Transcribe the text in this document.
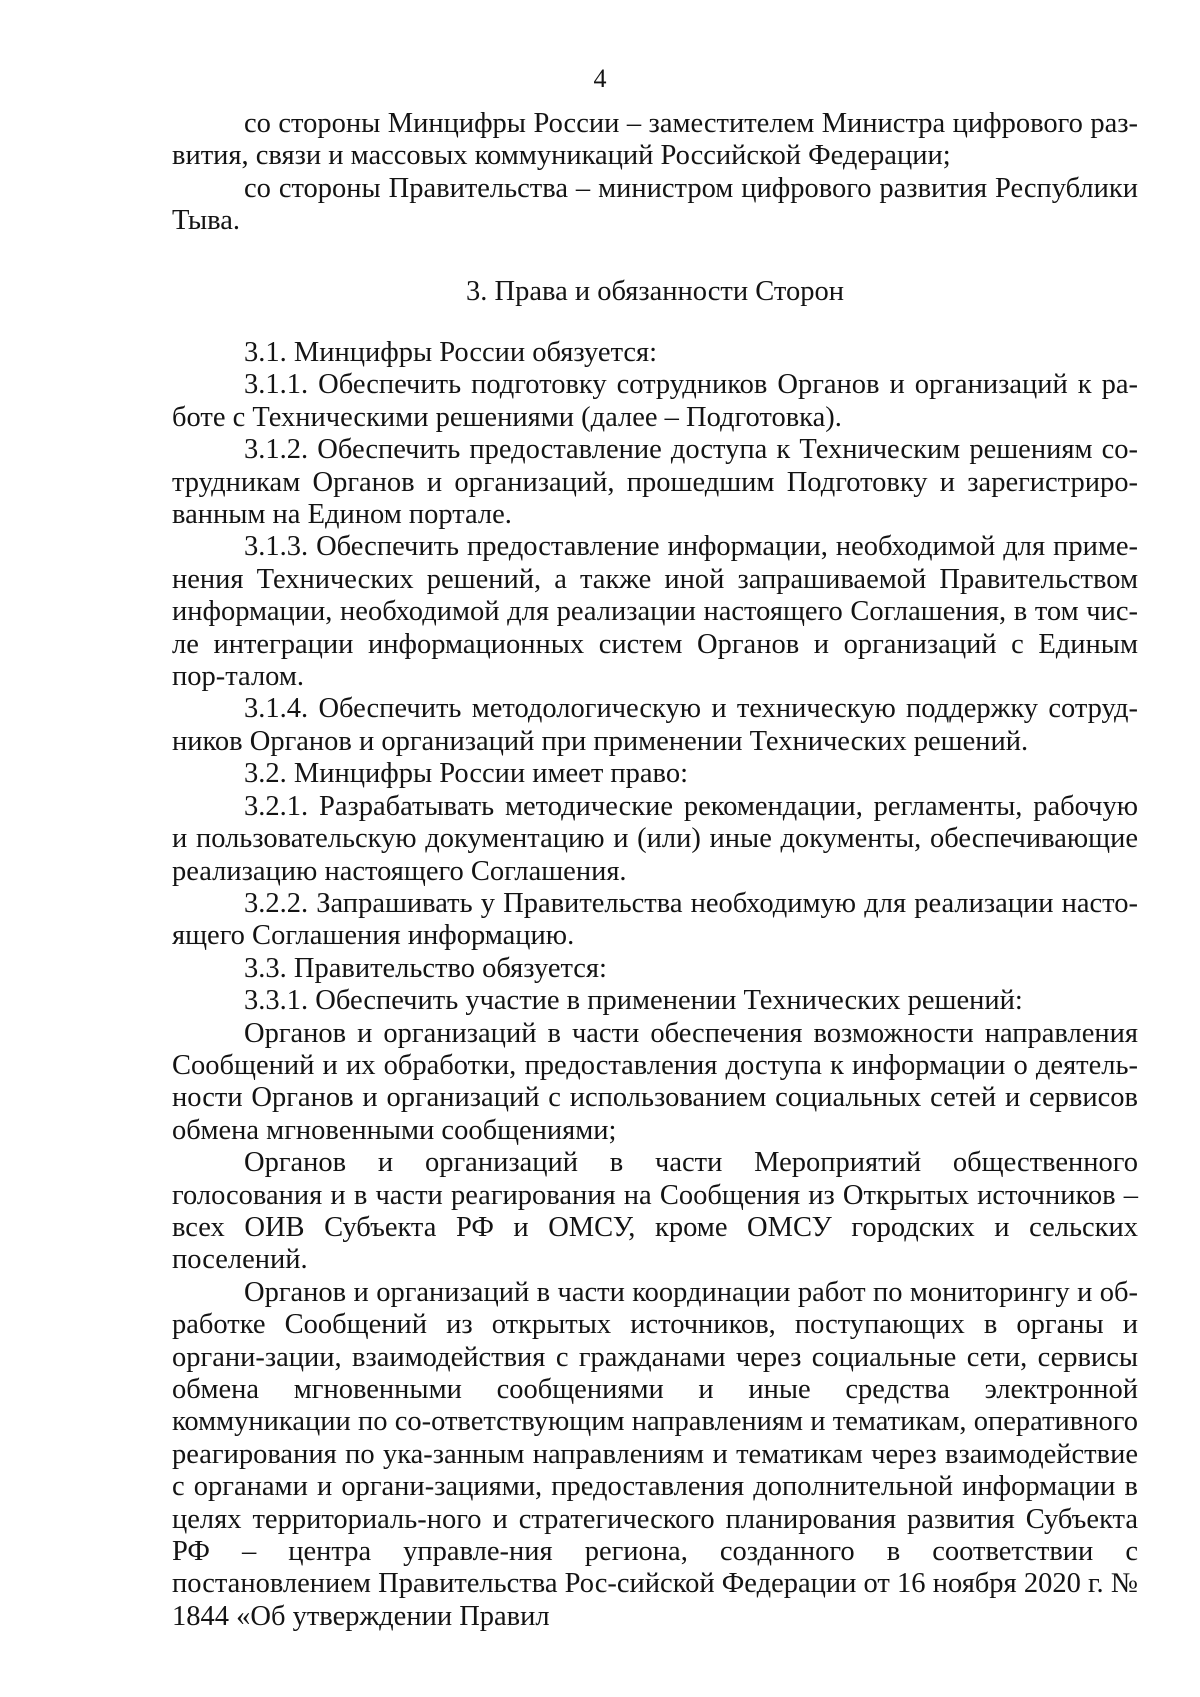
4

со стороны Минцифры России – заместителем Министра цифрового раз-вития, связи и массовых коммуникаций Российской Федерации;

со стороны Правительства – министром цифрового развития Республики Тыва.

3. Права и обязанности Сторон

3.1. Минцифры России обязуется:

3.1.1. Обеспечить подготовку сотрудников Органов и организаций к ра-боте с Техническими решениями (далее – Подготовка).

3.1.2. Обеспечить предоставление доступа к Техническим решениям со-трудникам Органов и организаций, прошедшим Подготовку и зарегистриро-ванным на Едином портале.

3.1.3. Обеспечить предоставление информации, необходимой для приме-нения Технических решений, а также иной запрашиваемой Правительством информации, необходимой для реализации настоящего Соглашения, в том чис-ле интеграции информационных систем Органов и организаций с Единым пор-талом.

3.1.4. Обеспечить методологическую и техническую поддержку сотруд-ников Органов и организаций при применении Технических решений.

3.2. Минцифры России имеет право:

3.2.1. Разрабатывать методические рекомендации, регламенты, рабочую и пользовательскую документацию и (или) иные документы, обеспечивающие реализацию настоящего Соглашения.

3.2.2. Запрашивать у Правительства необходимую для реализации насто-ящего Соглашения информацию.

3.3. Правительство обязуется:

3.3.1. Обеспечить участие в применении Технических решений:

Органов и организаций в части обеспечения возможности направления Сообщений и их обработки, предоставления доступа к информации о деятель-ности Органов и организаций с использованием социальных сетей и сервисов обмена мгновенными сообщениями;

Органов и организаций в части Мероприятий общественного голосования и в части реагирования на Сообщения из Открытых источников – всех ОИВ Субъекта РФ и ОМСУ, кроме ОМСУ городских и сельских поселений.

Органов и организаций в части координации работ по мониторингу и об-работке Сообщений из открытых источников, поступающих в органы и органи-зации, взаимодействия с гражданами через социальные сети, сервисы обмена мгновенными сообщениями и иные средства электронной коммуникации по со-ответствующим направлениям и тематикам, оперативного реагирования по ука-занным направлениям и тематикам через взаимодействие с органами и органи-зациями, предоставления дополнительной информации в целях территориаль-ного и стратегического планирования развития Субъекта РФ – центра управле-ния региона, созданного в соответствии с постановлением Правительства Рос-сийской Федерации от 16 ноября 2020 г. № 1844 «Об утверждении Правил
